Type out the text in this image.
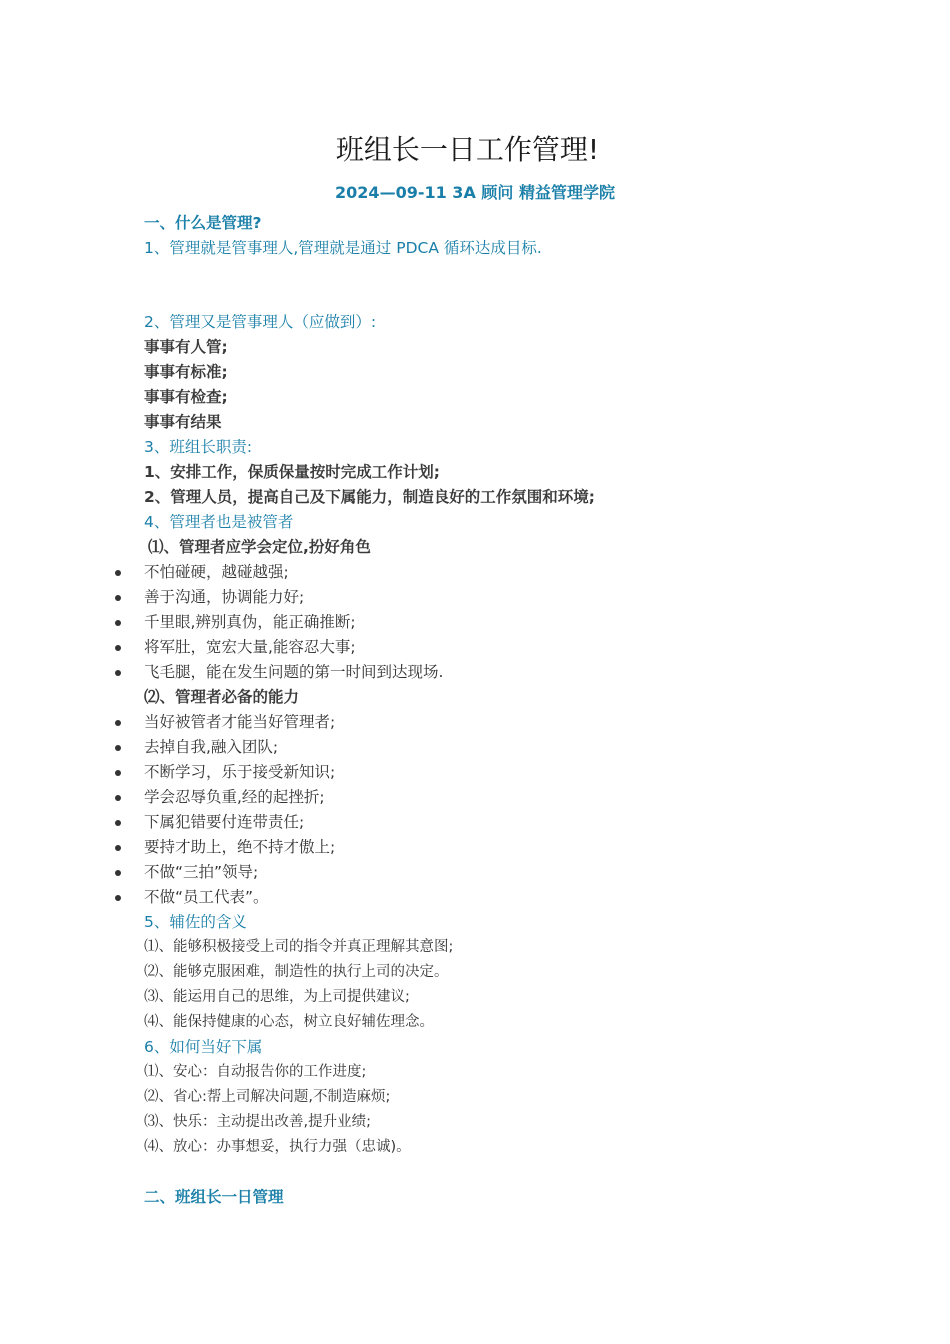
班组长一日工作管理!
2024—09-11 3A 顾问 精益管理学院
一、什么是管理?
1、管理就是管事理人,管理就是通过 PDCA 循环达成目标.
2、管理又是管事理人（应做到）:
事事有人管;
事事有标准;
事事有检查;
事事有结果
3、班组长职责:
1、安排工作，保质保量按时完成工作计划;
2、管理人员，提高自己及下属能力，制造良好的工作氛围和环境;
4、管理者也是被管者
⑴、管理者应学会定位,扮好角色
不怕碰硬，越碰越强;
善于沟通，协调能力好;
千里眼,辨别真伪，能正确推断;
将军肚，宽宏大量,能容忍大事;
飞毛腿，能在发生问题的第一时间到达现场.
⑵、管理者必备的能力
当好被管者才能当好管理者;
去掉自我,融入团队;
不断学习，乐于接受新知识;
学会忍辱负重,经的起挫折;
下属犯错要付连带责任;
要持才助上，绝不持才傲上;
不做“三拍”领导;
不做“员工代表”。
5、辅佐的含义
⑴、能够积极接受上司的指令并真正理解其意图;
⑵、能够克服困难，制造性的执行上司的决定。
⑶、能运用自己的思维，为上司提供建议;
⑷、能保持健康的心态，树立良好辅佐理念。
6、如何当好下属
⑴、安心：自动报告你的工作进度;
⑵、省心:帮上司解决问题,不制造麻烦;
⑶、快乐：主动提出改善,提升业绩;
⑷、放心：办事想妥，执行力强（忠诚)。
二、班组长一日管理
